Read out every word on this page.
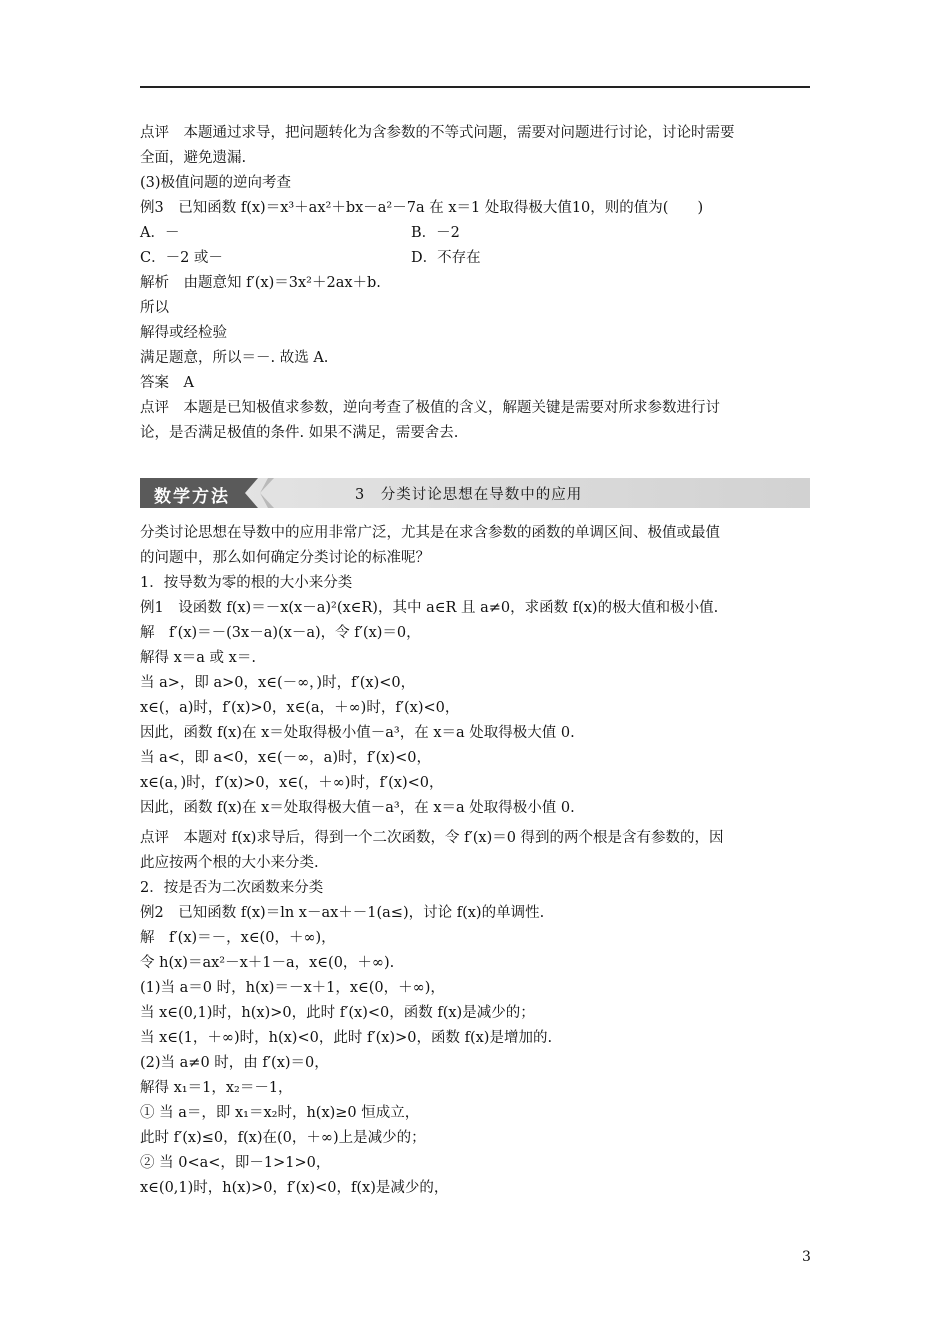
点评　本题通过求导，把问题转化为含参数的不等式问题，需要对问题进行讨论，讨论时需要
全面，避免遗漏.
(3)极值问题的逆向考查
例3　已知函数 f(x)＝x³＋ax²＋bx－a²－7a 在 x＝1 处取得极大值10，则的值为(　　)
A．－	B．－2
C．－2 或－	D．不存在
解析　由题意知 f′(x)＝3x²＋2ax＋b.
所以
解得或经检验
满足题意，所以＝－. 故选 A.
答案　A
点评　本题是已知极值求参数，逆向考查了极值的含义，解题关键是需要对所求参数进行讨
论，是否满足极值的条件. 如果不满足，需要舍去.
数学方法	3　分类讨论思想在导数中的应用
分类讨论思想在导数中的应用非常广泛，尤其是在求含参数的函数的单调区间、极值或最值
的问题中，那么如何确定分类讨论的标准呢？
1．按导数为零的根的大小来分类
例1　设函数 f(x)＝－x(x－a)²(x∈R)，其中 a∈R 且 a≠0，求函数 f(x)的极大值和极小值.
解　f′(x)＝－(3x－a)(x－a)，令 f′(x)＝0，
解得 x＝a 或 x＝.
当 a>，即 a>0，x∈(－∞，)时，f′(x)<0，
x∈(，a)时，f′(x)>0，x∈(a，＋∞)时，f′(x)<0，
因此，函数 f(x)在 x＝处取得极小值－a³，在 x＝a 处取得极大值 0.
当 a<，即 a<0，x∈(－∞，a)时，f′(x)<0，
x∈(a，)时，f′(x)>0，x∈(，＋∞)时，f′(x)<0，
因此，函数 f(x)在 x＝处取得极大值－a³，在 x＝a 处取得极小值 0.
点评　本题对 f(x)求导后，得到一个二次函数，令 f′(x)＝0 得到的两个根是含有参数的，因
此应按两个根的大小来分类.
2．按是否为二次函数来分类
例2　已知函数 f(x)＝ln x－ax＋－1(a≤)，讨论 f(x)的单调性.
解　f′(x)＝－，x∈(0，＋∞)，
令 h(x)＝ax²－x＋1－a，x∈(0，＋∞).
(1)当 a＝0 时，h(x)＝－x＋1，x∈(0，＋∞)，
当 x∈(0,1)时，h(x)>0，此时 f′(x)<0，函数 f(x)是减少的；
当 x∈(1，＋∞)时，h(x)<0，此时 f′(x)>0，函数 f(x)是增加的.
(2)当 a≠0 时，由 f′(x)＝0，
解得 x₁＝1，x₂＝－1，
① 当 a＝，即 x₁＝x₂时，h(x)≥0 恒成立，
此时 f′(x)≤0，f(x)在(0，＋∞)上是减少的；
② 当 0<a<，即－1>1>0，
x∈(0,1)时，h(x)>0，f′(x)<0，f(x)是减少的，
3
